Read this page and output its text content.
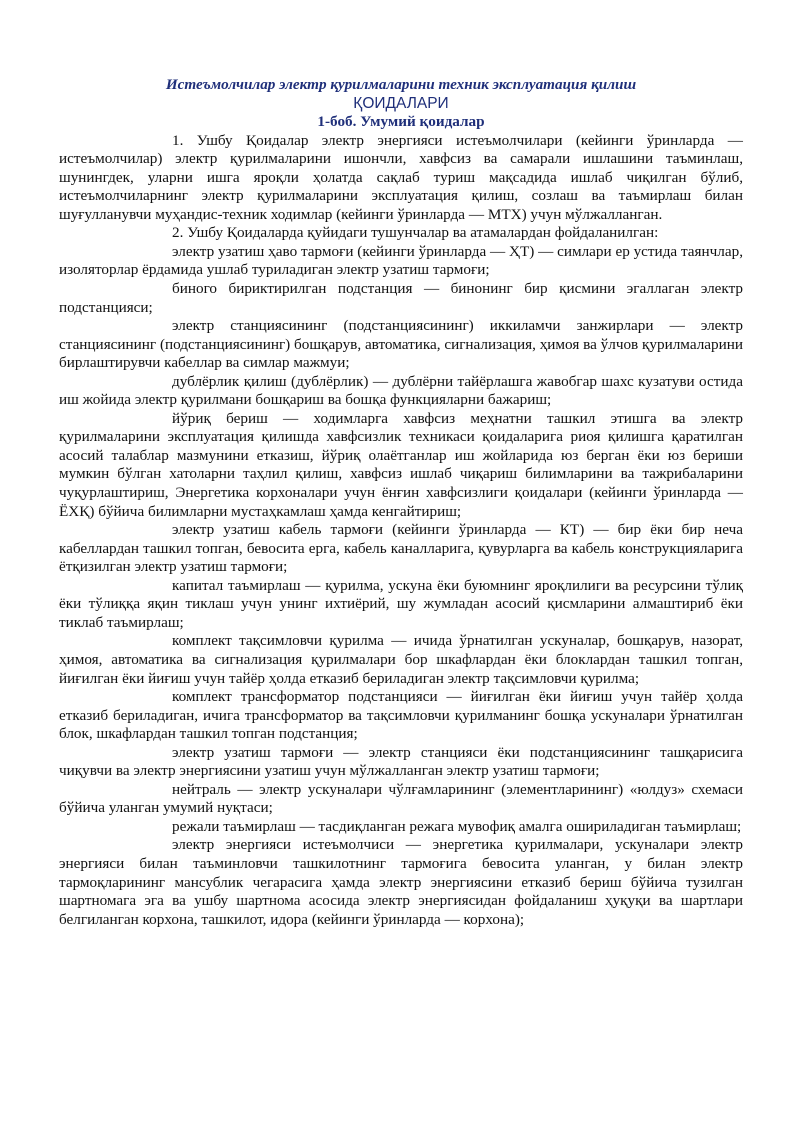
Истеъмолчилар электр қурилмаларини техник эксплуатация қилиш
ҚОИДАЛАРИ
1-боб. Умумий қоидалар

1. Ушбу Қоидалар электр энергияси истеъмолчилари (кейинги ўринларда — истеъмолчилар) электр қурилмаларини ишончли, хавфсиз ва самарали ишлашини таъминлаш, шунингдек, уларни ишга яроқли ҳолатда сақлаб туриш мақсадида ишлаб чиқилган бўлиб, истеъмолчиларнинг электр қурилмаларини эксплуатация қилиш, созлаш ва таъмирлаш билан шуғулланувчи муҳандис-техник ходимлар (кейинги ўринларда — МТХ) учун мўлжалланган.

2. Ушбу Қоидаларда қуйидаги тушунчалар ва атамалардан фойдаланилган:

электр узатиш ҳаво тармоғи (кейинги ўринларда — ҲТ) — симлари ер устида таянчлар, изоляторлар ёрдамида ушлаб туриладиган электр узатиш тармоғи;

биного бириктирилган подстанция — бинонинг бир қисмини эгаллаган электр подстанцияси;

электр станциясининг (подстанциясининг) иккиламчи занжирлари — электр станциясининг (подстанциясининг) бошқарув, автоматика, сигнализация, ҳимоя ва ўлчов қурилмаларини бирлаштирувчи кабеллар ва симлар мажмуи;

дублёрлик қилиш (дублёрлик) — дублёрни тайёрлашга жавобгар шахс кузатуви остида иш жойида электр қурилмани бошқариш ва бошқа функцияларни бажариш;

йўриқ бериш — ходимларга хавфсиз меҳнатни ташкил этишга ва электр қурилмаларини эксплуатация қилишда хавфсизлик техникаси қоидаларига риоя қилишга қаратилган асосий талаблар мазмунини етказиш, йўриқ олаётганлар иш жойларида юз берган ёки юз бериши мумкин бўлган хатоларни таҳлил қилиш, хавфсиз ишлаб чиқариш билимларини ва тажрибаларини чуқурлаштириш, Энергетика корхоналари учун ёнғин хавфсизлиги қоидалари (кейинги ўринларда — ЁХҚ) бўйича билимларни мустаҳкамлаш ҳамда кенгайтириш;

электр узатиш кабель тармоғи (кейинги ўринларда — КТ) — бир ёки бир неча кабеллардан ташкил топган, бевосита ерга, кабель каналларига, қувурларга ва кабель конструкцияларига ётқизилган электр узатиш тармоғи;

капитал таъмирлаш — қурилма, ускуна ёки буюмнинг яроқлилиги ва ресурсини тўлиқ ёки тўлиққа яқин тиклаш учун унинг ихтиёрий, шу жумладан асосий қисмларини алмаштириб ёки тиклаб таъмирлаш;

комплект тақсимловчи қурилма — ичида ўрнатилган ускуналар, бошқарув, назорат, ҳимоя, автоматика ва сигнализация қурилмалари бор шкафлардан ёки блоклардан ташкил топган, йиғилган ёки йиғиш учун тайёр ҳолда етказиб бериладиган электр тақсимловчи қурилма;

комплект трансформатор подстанцияси — йиғилган ёки йиғиш учун тайёр ҳолда етказиб бериладиган, ичига трансформатор ва тақсимловчи қурилманинг бошқа ускуналари ўрнатилган блок, шкафлардан ташкил топган подстанция;

электр узатиш тармоғи — электр станцияси ёки подстанциясининг ташқарисига чиқувчи ва электр энергиясини узатиш учун мўлжалланган электр узатиш тармоғи;

нейтраль — электр ускуналари чўлғамларининг (элементларининг) «юлдуз» схемаси бўйича уланган умумий нуқтаси;

режали таъмирлаш — тасдиқланган режага мувофиқ амалга ошириладиган таъмирлаш;

электр энергияси истеъмолчиси — энергетика қурилмалари, ускуналари электр энергияси билан таъминловчи ташкилотнинг тармоғига бевосита уланган, у билан электр тармоқларининг мансублик чегарасига ҳамда электр энергиясини етказиб бериш бўйича тузилган шартномага эга ва ушбу шартнома асосида электр энергиясидан фойдаланиш ҳуқуқи ва шартлари белгиланган корхона, ташкилот, идора (кейинги ўринларда — корхона);
